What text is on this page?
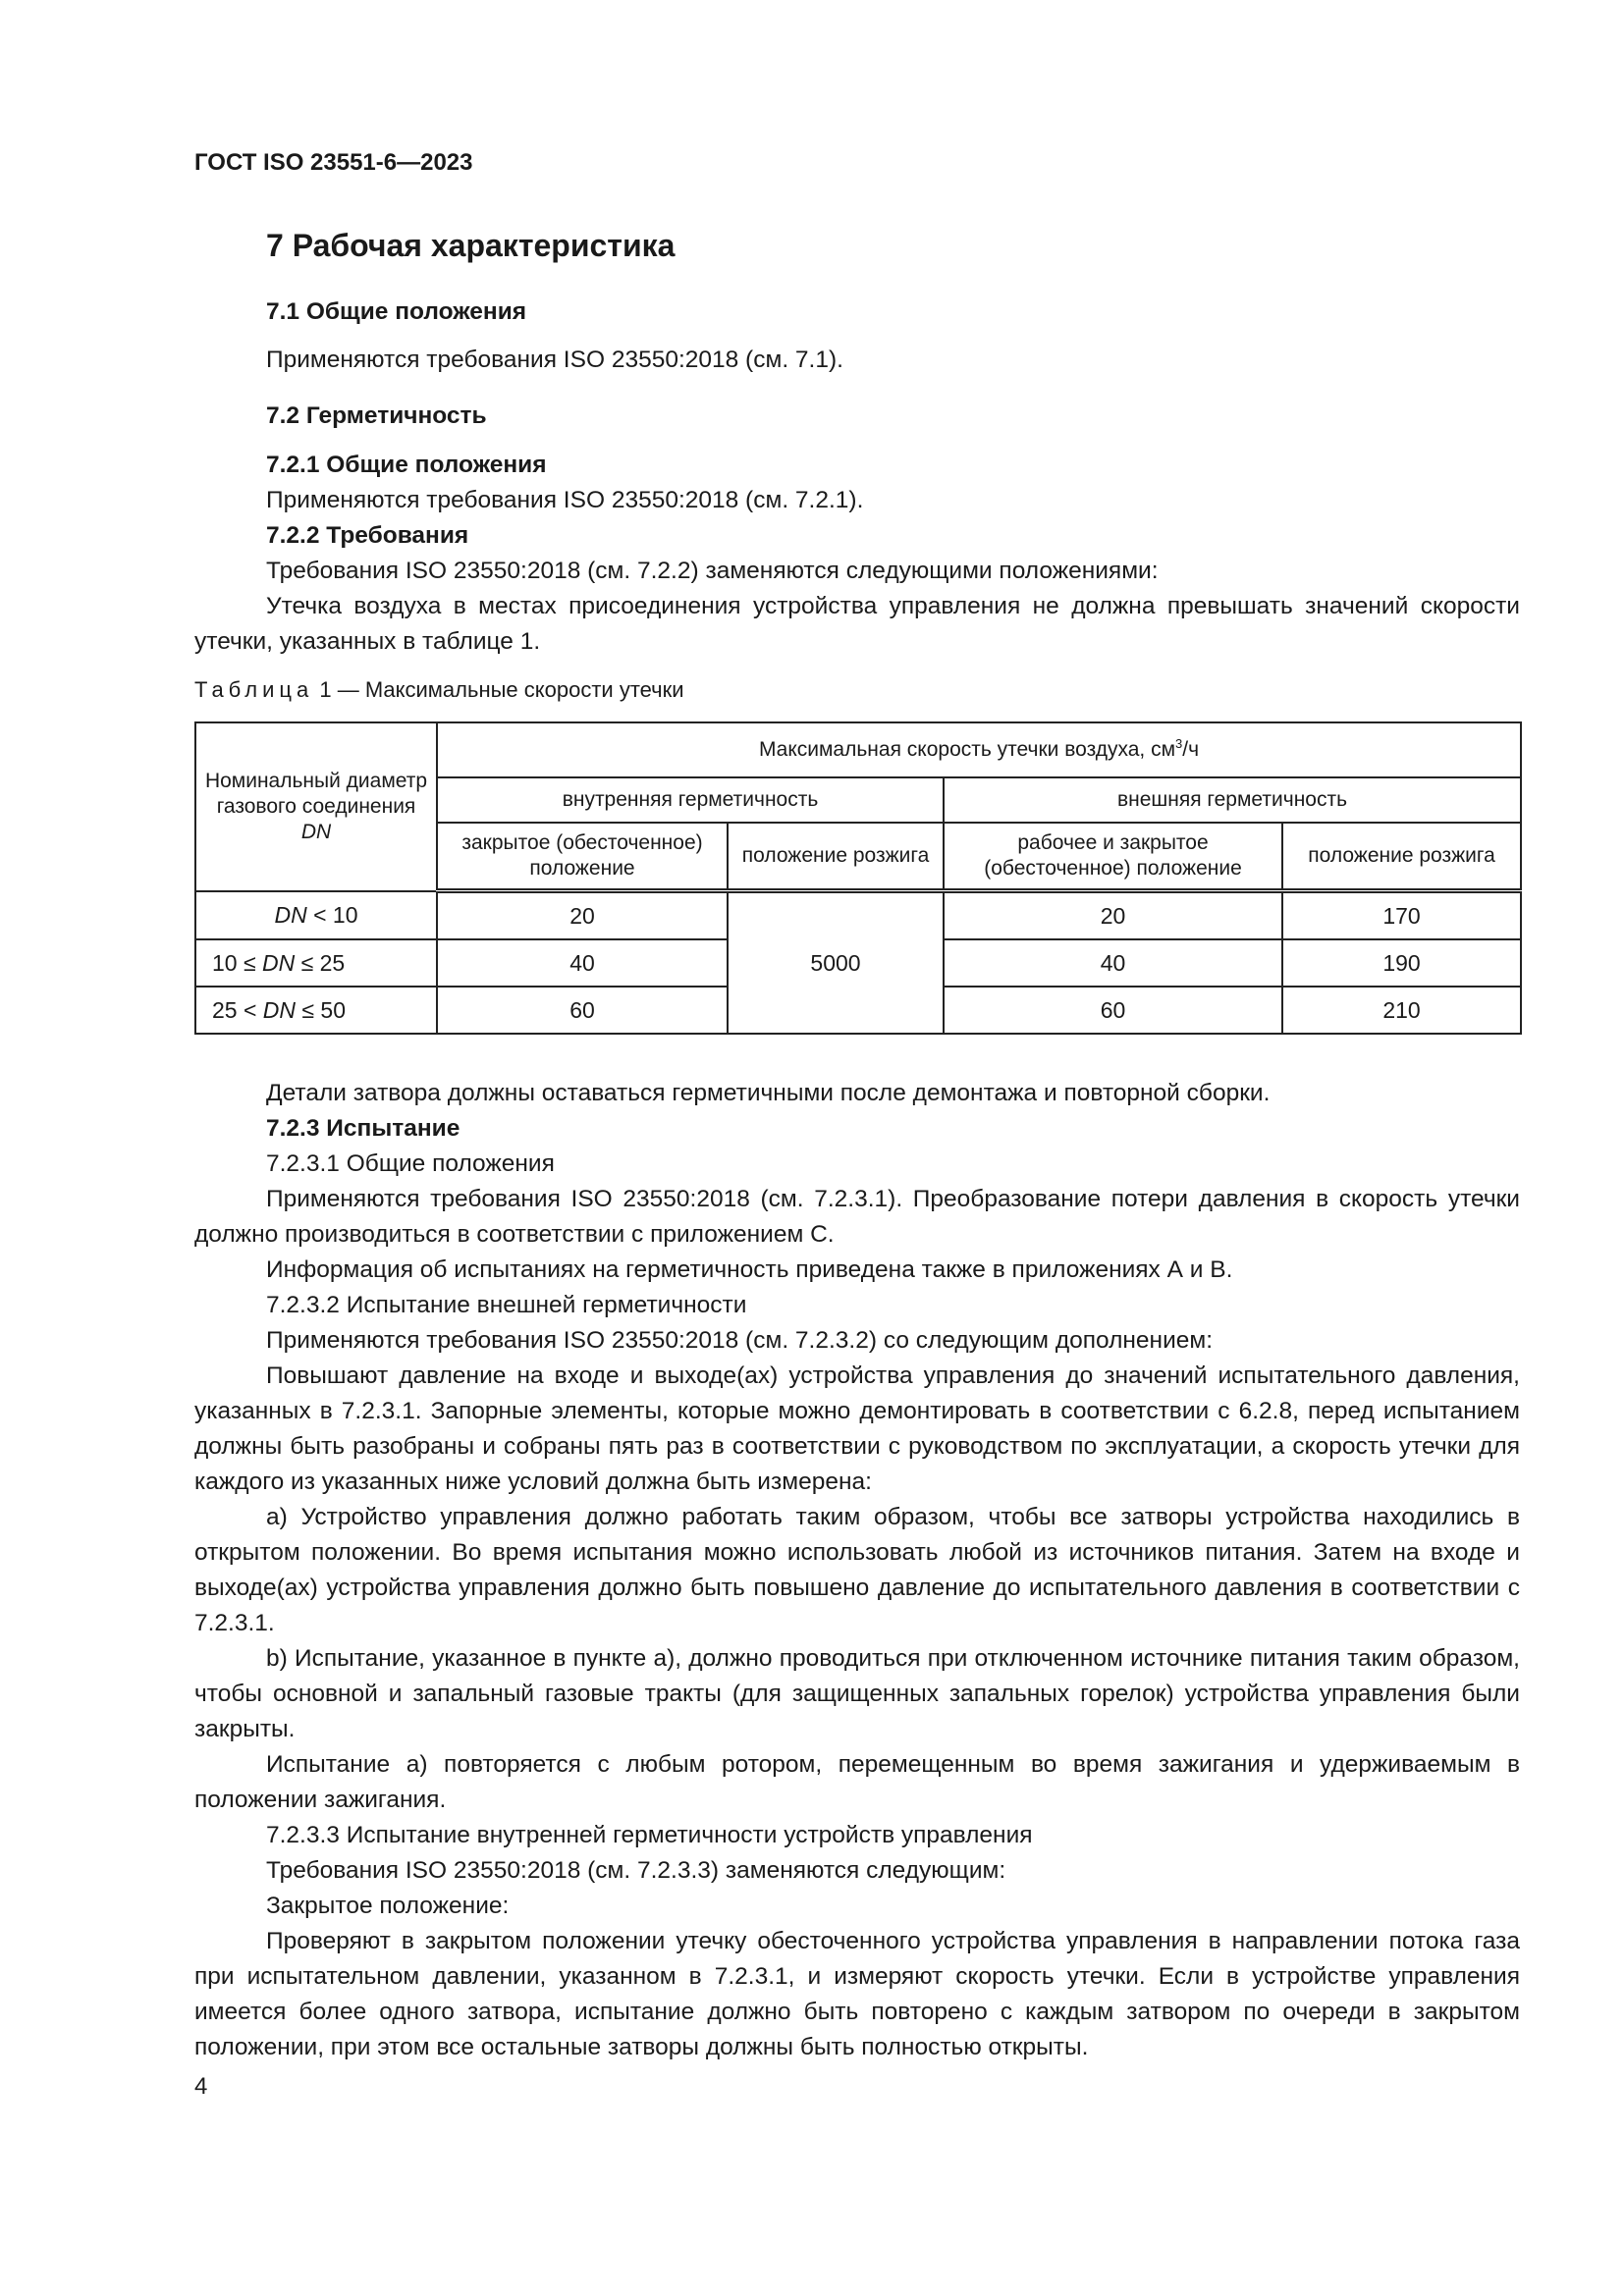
ГОСТ ISO 23551-6—2023
7 Рабочая характеристика
7.1 Общие положения
Применяются требования ISO 23550:2018 (см. 7.1).
7.2 Герметичность

7.2.1 Общие положения

Применяются требования ISO 23550:2018 (см. 7.2.1).

7.2.2 Требования

Требования ISO 23550:2018 (см. 7.2.2) заменяются следующими положениями:

Утечка воздуха в местах присоединения устройства управления не должна превышать значений скорости утечки, указанных в таблице 1.

Таблица 1 — Максимальные скорости утечки
Номинальный диаметр газового соединения DN	Максимальная скорость утечки воздуха, $см^3/ч$			
	внутренняя герметичность		внешняя герметичность	
	закрытое (обесточенное) положение	положение розжига	рабочее и закрытое (обесточенное) положение	положение розжига
DN < 10	20	5000	20	170
10 ≤ DN ≤ 25	40		40	190
25 < DN ≤ 50	60		60	210

Детали затвора должны оставаться герметичными после демонтажа и повторной сборки.

7.2.3 Испытание

7.2.3.1 Общие положения

Применяются требования ISO 23550:2018 (см. 7.2.3.1). Преобразование потери давления в скорость утечки должно производиться в соответствии с приложением С.

Информация об испытаниях на герметичность приведена также в приложениях А и В.

7.2.3.2 Испытание внешней герметичности

Применяются требования ISO 23550:2018 (см. 7.2.3.2) со следующим дополнением:

Повышают давление на входе и выходе(ах) устройства управления до значений испытательного давления, указанных в 7.2.3.1. Запорные элементы, которые можно демонтировать в соответствии с 6.2.8, перед испытанием должны быть разобраны и собраны пять раз в соответствии с руководством по эксплуатации, а скорость утечки для каждого из указанных ниже условий должна быть измерена:

a) Устройство управления должно работать таким образом, чтобы все затворы устройства находились в открытом положении. Во время испытания можно использовать любой из источников питания. Затем на входе и выходе(ах) устройства управления должно быть повышено давление до испытательного давления в соответствии с 7.2.3.1.

b) Испытание, указанное в пункте а), должно проводиться при отключенном источнике питания таким образом, чтобы основной и запальный газовые тракты (для защищенных запальных горелок) устройства управления были закрыты.

Испытание а) повторяется с любым ротором, перемещенным во время зажигания и удерживаемым в положении зажигания.

7.2.3.3 Испытание внутренней герметичности устройств управления

Требования ISO 23550:2018 (см. 7.2.3.3) заменяются следующим:

Закрытое положение:

Проверяют в закрытом положении утечку обесточенного устройства управления в направлении потока газа при испытательном давлении, указанном в 7.2.3.1, и измеряют скорость утечки. Если в устройстве управления имеется более одного затвора, испытание должно быть повторено с каждым затвором по очереди в закрытом положении, при этом все остальные затворы должны быть полностью открыты.

4
